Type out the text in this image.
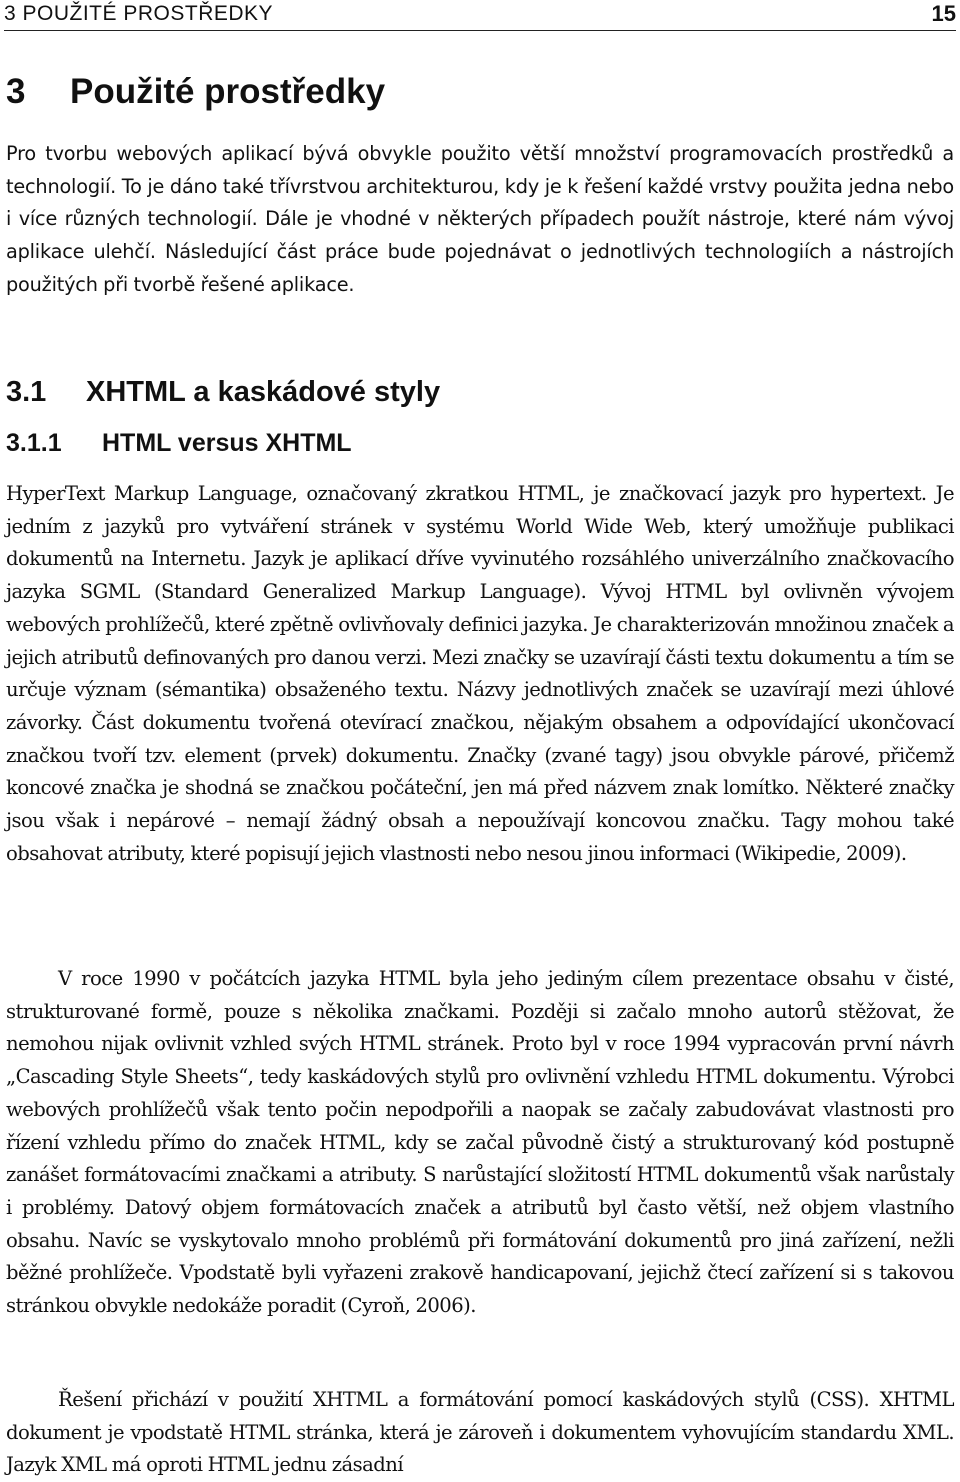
3 POUŽITÉ PROSTŘEDKY	15
3 Použité prostředky

Pro tvorbu webových aplikací bývá obvykle použito větší množství programovacích prostředků a technologií. To je dáno také třívrstvou architekturou, kdy je k řešení každé vrstvy použita jedna nebo i více různých technologií. Dále je vhodné v některých případech použít nástroje, které nám vývoj aplikace ulehčí. Následující část práce bude pojednávat o jednotlivých technologiích a nástrojích použitých při tvorbě řešené aplikace.

3.1 XHTML a kaskádové styly
3.1.1 HTML versus XHTML

HyperText Markup Language, označovaný zkratkou HTML, je značkovací jazyk pro hypertext. Je jedním z jazyků pro vytváření stránek v systému World Wide Web, který umožňuje publikaci dokumentů na Internetu. Jazyk je aplikací dříve vyvinutého rozsáhlého univerzálního značkovacího jazyka SGML (Standard Generalized Markup Language). Vývoj HTML byl ovlivněn vývojem webových prohlížečů, které zpětně ovlivňovaly definici jazyka. Je charakterizován množinou značek a jejich atributů definovaných pro danou verzi. Mezi značky se uzavírají části textu dokumentu a tím se určuje význam (sémantika) obsaženého textu. Názvy jednotlivých značek se uzavírají mezi úhlové závorky. Část dokumentu tvořená otevírací značkou, nějakým obsahem a odpovídající ukončovací značkou tvoří tzv. element (prvek) dokumentu. Značky (zvané tagy) jsou obvykle párové, přičemž koncové značka je shodná se značkou počáteční, jen má před názvem znak lomítko. Některé značky jsou však i nepárové – nemají žádný obsah a nepoužívají koncovou značku. Tagy mohou také obsahovat atributy, které popisují jejich vlastnosti nebo nesou jinou informaci (Wikipedie, 2009).

V roce 1990 v počátcích jazyka HTML byla jeho jediným cílem prezentace obsahu v čisté, strukturované formě, pouze s několika značkami. Později si začalo mnoho autorů stěžovat, že nemohou nijak ovlivnit vzhled svých HTML stránek. Proto byl v roce 1994 vypracován první návrh „Cascading Style Sheets“, tedy kaskádových stylů pro ovlivnění vzhledu HTML dokumentu. Výrobci webových prohlížečů však tento počin nepodpořili a naopak se začaly zabudovávat vlastnosti pro řízení vzhledu přímo do značek HTML, kdy se začal původně čistý a strukturovaný kód postupně zanášet formátovacími značkami a atributy. S narůstající složitostí HTML dokumentů však narůstaly i problémy. Datový objem formátovacích značek a atributů byl často větší, než objem vlastního obsahu. Navíc se vyskytovalo mnoho problémů při formátování dokumentů pro jiná zařízení, nežli běžné prohlížeče. Vpodstatě byli vyřazeni zrakově handicapovaní, jejichž čtecí zařízení si s takovou stránkou obvykle nedokáže poradit (Cyroň, 2006).

Řešení přichází v použití XHTML a formátování pomocí kaskádových stylů (CSS). XHTML dokument je vpodstatě HTML stránka, která je zároveň i dokumentem vyhovujícím standardu XML. Jazyk XML má oproti HTML jednu zásadní
